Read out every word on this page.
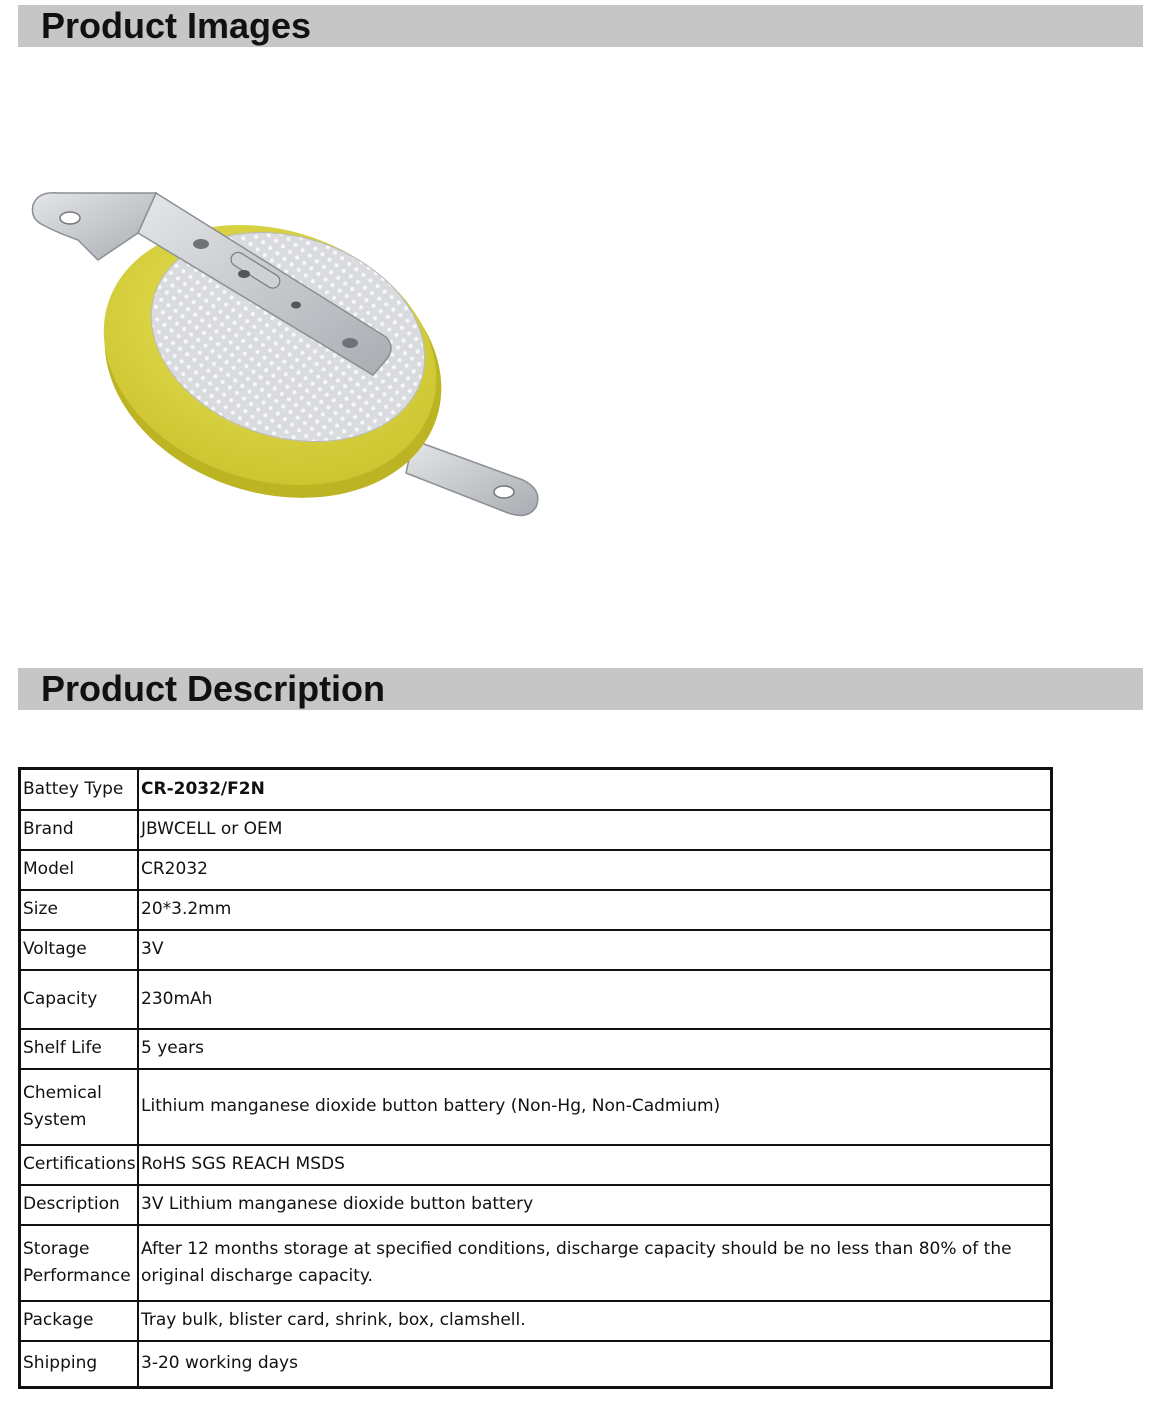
Product Images
Product Description
Battey Type	CR-2032/F2N
Brand	JBWCELL or OEM
Model	CR2032
Size	20*3.2mm
Voltage	3V
Capacity	230mAh
Shelf Life	5 years
Chemical System	Lithium manganese dioxide button battery (Non-Hg, Non-Cadmium)
Certifications	RoHS SGS REACH MSDS
Description	3V Lithium manganese dioxide button battery
Storage Performance	After 12 months storage at specified conditions, discharge capacity should be no less than 80% of the original discharge capacity.
Package	Tray bulk, blister card, shrink, box, clamshell.
Shipping	3-20 working days
